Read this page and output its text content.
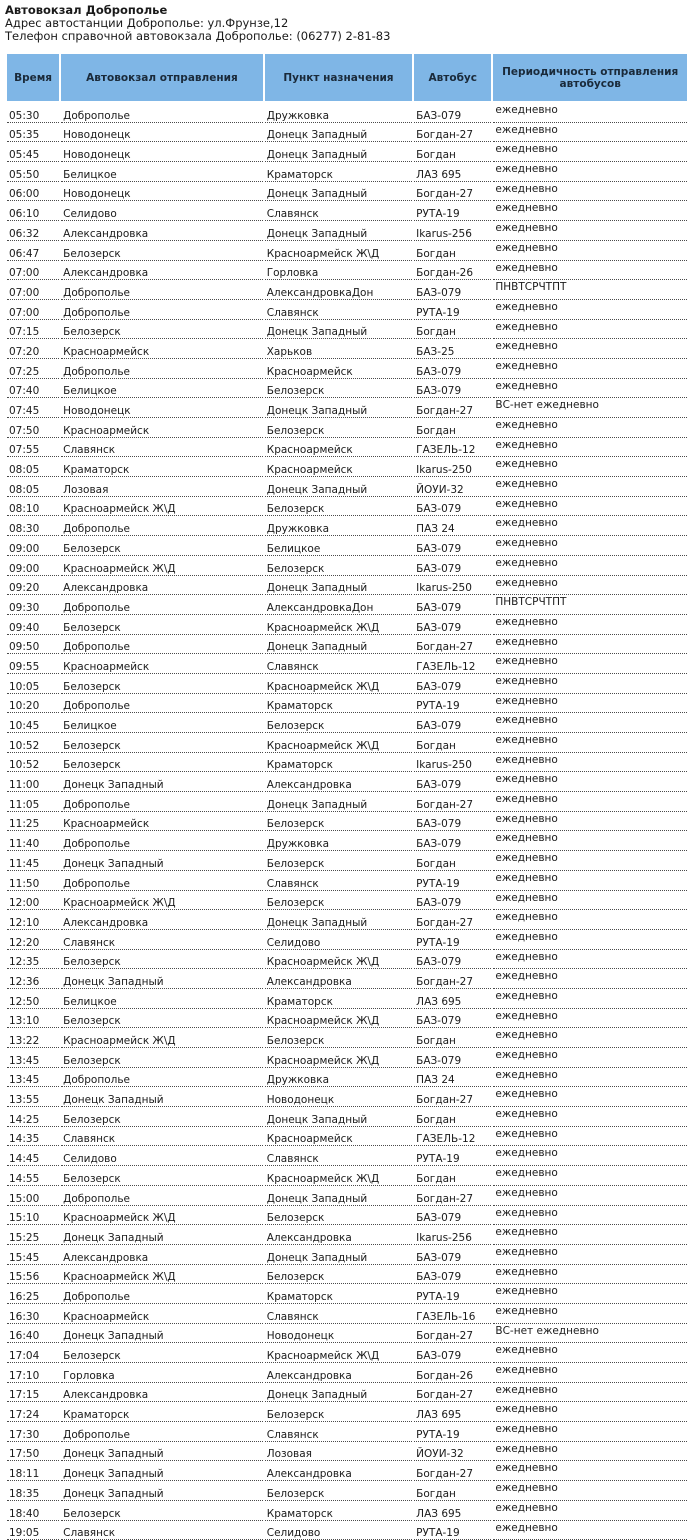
Автовокзал Доброполье
Адрес автостанции Доброполье: ул.Фрунзе,12
Телефон справочной автовокзала Доброполье: (06277) 2-81-83
Время	Автовокзал отправления	Пункт назначения	Автобус	Периодичность отправления автобусов

05:30	Доброполье	Дружковка	БАЗ-079	ежедневно
05:35	Новодонецк	Донецк Западный	Богдан-27	ежедневно
05:45	Новодонецк	Донецк Западный	Богдан	ежедневно
05:50	Белицкое	Краматорск	ЛАЗ 695	ежедневно
06:00	Новодонецк	Донецк Западный	Богдан-27	ежедневно
06:10	Селидово	Славянск	РУТА-19	ежедневно
06:32	Александровка	Донецк Западный	Ikarus-256	ежедневно
06:47	Белозерск	Красноармейск Ж\Д	Богдан	ежедневно
07:00	Александровка	Горловка	Богдан-26	ежедневно
07:00	Доброполье	АлександровкаДон	БАЗ-079	ПНВТСРЧТПТ
07:00	Доброполье	Славянск	РУТА-19	ежедневно
07:15	Белозерск	Донецк Западный	Богдан	ежедневно
07:20	Красноармейск	Харьков	БАЗ-25	ежедневно
07:25	Доброполье	Красноармейск	БАЗ-079	ежедневно
07:40	Белицкое	Белозерск	БАЗ-079	ежедневно
07:45	Новодонецк	Донецк Западный	Богдан-27	ВС-нет ежедневно
07:50	Красноармейск	Белозерск	Богдан	ежедневно
07:55	Славянск	Красноармейск	ГАЗЕЛЬ-12	ежедневно
08:05	Краматорск	Красноармейск	Ikarus-250	ежедневно
08:05	Лозовая	Донецк Западный	ЙОУИ-32	ежедневно
08:10	Красноармейск Ж\Д	Белозерск	БАЗ-079	ежедневно
08:30	Доброполье	Дружковка	ПАЗ 24	ежедневно
09:00	Белозерск	Белицкое	БАЗ-079	ежедневно
09:00	Красноармейск Ж\Д	Белозерск	БАЗ-079	ежедневно
09:20	Александровка	Донецк Западный	Ikarus-250	ежедневно
09:30	Доброполье	АлександровкаДон	БАЗ-079	ПНВТСРЧТПТ
09:40	Белозерск	Красноармейск Ж\Д	БАЗ-079	ежедневно
09:50	Доброполье	Донецк Западный	Богдан-27	ежедневно
09:55	Красноармейск	Славянск	ГАЗЕЛЬ-12	ежедневно
10:05	Белозерск	Красноармейск Ж\Д	БАЗ-079	ежедневно
10:20	Доброполье	Краматорск	РУТА-19	ежедневно
10:45	Белицкое	Белозерск	БАЗ-079	ежедневно
10:52	Белозерск	Красноармейск Ж\Д	Богдан	ежедневно
10:52	Белозерск	Краматорск	Ikarus-250	ежедневно
11:00	Донецк Западный	Александровка	БАЗ-079	ежедневно
11:05	Доброполье	Донецк Западный	Богдан-27	ежедневно
11:25	Красноармейск	Белозерск	БАЗ-079	ежедневно
11:40	Доброполье	Дружковка	БАЗ-079	ежедневно
11:45	Донецк Западный	Белозерск	Богдан	ежедневно
11:50	Доброполье	Славянск	РУТА-19	ежедневно
12:00	Красноармейск Ж\Д	Белозерск	БАЗ-079	ежедневно
12:10	Александровка	Донецк Западный	Богдан-27	ежедневно
12:20	Славянск	Селидово	РУТА-19	ежедневно
12:35	Белозерск	Красноармейск Ж\Д	БАЗ-079	ежедневно
12:36	Донецк Западный	Александровка	Богдан-27	ежедневно
12:50	Белицкое	Краматорск	ЛАЗ 695	ежедневно
13:10	Белозерск	Красноармейск Ж\Д	БАЗ-079	ежедневно
13:22	Красноармейск Ж\Д	Белозерск	Богдан	ежедневно
13:45	Белозерск	Красноармейск Ж\Д	БАЗ-079	ежедневно
13:45	Доброполье	Дружковка	ПАЗ 24	ежедневно
13:55	Донецк Западный	Новодонецк	Богдан-27	ежедневно
14:25	Белозерск	Донецк Западный	Богдан	ежедневно
14:35	Славянск	Красноармейск	ГАЗЕЛЬ-12	ежедневно
14:45	Селидово	Славянск	РУТА-19	ежедневно
14:55	Белозерск	Красноармейск Ж\Д	Богдан	ежедневно
15:00	Доброполье	Донецк Западный	Богдан-27	ежедневно
15:10	Красноармейск Ж\Д	Белозерск	БАЗ-079	ежедневно
15:25	Донецк Западный	Александровка	Ikarus-256	ежедневно
15:45	Александровка	Донецк Западный	БАЗ-079	ежедневно
15:56	Красноармейск Ж\Д	Белозерск	БАЗ-079	ежедневно
16:25	Доброполье	Краматорск	РУТА-19	ежедневно
16:30	Красноармейск	Славянск	ГАЗЕЛЬ-16	ежедневно
16:40	Донецк Западный	Новодонецк	Богдан-27	ВС-нет ежедневно
17:04	Белозерск	Красноармейск Ж\Д	БАЗ-079	ежедневно
17:10	Горловка	Александровка	Богдан-26	ежедневно
17:15	Александровка	Донецк Западный	Богдан-27	ежедневно
17:24	Краматорск	Белозерск	ЛАЗ 695	ежедневно
17:30	Доброполье	Славянск	РУТА-19	ежедневно
17:50	Донецк Западный	Лозовая	ЙОУИ-32	ежедневно
18:11	Донецк Западный	Александровка	Богдан-27	ежедневно
18:35	Донецк Западный	Белозерск	Богдан	ежедневно
18:40	Белозерск	Краматорск	ЛАЗ 695	ежедневно
19:05	Славянск	Селидово	РУТА-19	ежедневно
